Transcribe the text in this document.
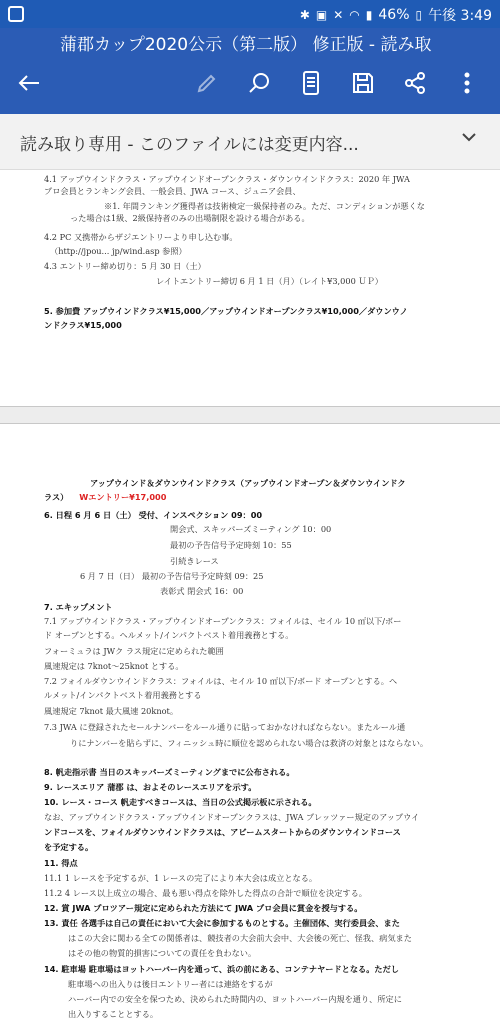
✱ ▣ ✕ ◠ ▮ 46% ▯ 午後 3:49
蒲郡カップ2020公示（第二版） 修正版 - 読み取
読み取り専用 - このファイルには変更内容...
4.1 アップウインドクラス・アップウインドオープンクラス・ダウンウインドクラス：2020 年 JWA
プロ会員とランキング会員、一般会員、JWA コース、ジュニア会員、
※1. 年間ランキング獲得者は技術検定一級保持者のみ。ただ、コンディションが悪くな
った場合は1級、2級保持者のみの出場制限を設ける場合がある。
4.2 PC 又携帯からザジエントリーより申し込む事。
（http://jpou... jp/wind.asp 参照）
4.3 エントリー締め切り：5 月 30 日（土）
レイトエントリー締切 6 月 1 日（月）（レイト¥3,000 ＵＰ）
5. 参加費 アップウインドクラス¥15,000／アップウインドオープンクラス¥10,000／ダウンウノ
ンドクラス¥15,000
アップウインド＆ダウンウインドクラス（アップウインドオープン＆ダウンウインドク
ラス） Wエントリー¥17,000
6. 日程 6 月 6 日（土） 受付、インスペクション 09：00
開会式、スキッパーズミーティング 10：00
最初の予告信号予定時刻 10：55
引続きレース
6 月 7 日（日） 最初の予告信号予定時刻 09：25
表彰式 閉会式 16：00
7. エキップメント
7.1 アップウインドクラス・アップウインドオープンクラス：フォイルは、セイル 10 ㎡以下/ボー
ド オープンとする。ヘルメット/インパクトベスト着用義務とする。
フォーミュラは JWク ラス規定に定められた範囲
風速規定は 7knot〜25knot とする。
7.2 フォイルダウンウインドクラス：フォイルは、セイル 10 ㎡以下/ボード オープンとする。ヘ
ルメット/インパクトベスト着用義務とする
風速規定 7knot 最大風速 20knot。
7.3 JWA に登録されたセールナンバーをルール通りに貼っておかなければならない。またルール通
りにナンバーを貼らずに、フィニッシュ時に順位を認められない場合は救済の対象とはならない。
8. 帆走指示書 当日のスキッパーズミーティングまでに公布される。
9. レースエリア 蒲郡 は、およそのレースエリアを示す。
10. レース・コース 帆走すべきコースは、当日の公式掲示板に示される。
なお、アップウインドクラス・アップウインドオープンクラスは、JWA プレッツァー規定のアップウイ
ンドコースを、フォイルダウンウインドクラスは、アビームスタートからのダウンウインドコース
を予定する。
11. 得点
11.1 1 レースを予定するが、1 レースの完了により本大会は成立となる。
11.2 4 レース以上成立の場合、最も悪い得点を除外した得点の合計で順位を決定する。
12. 賞 JWA プロツアー規定に定められた方法にて JWA プロ会員に賞金を授与する。
13. 責任 各選手は自己の責任において大会に参加するものとする。主催団体、実行委員会、また
はこの大会に関わる全ての関係者は、競技者の大会前大会中、大会後の死亡、怪我、病気また
はその他の物質的損害についての責任を負わない。
14. 駐車場 駐車場はヨットハーバー内を通って、浜の前にある、コンテナヤードとなる。ただし
駐車場への出入りは後日エントリー者には連絡をするが
ハーバー内での安全を保つため、決められた時間内の、ヨットハーバー内規を通り、所定に
出入りすることとする。
